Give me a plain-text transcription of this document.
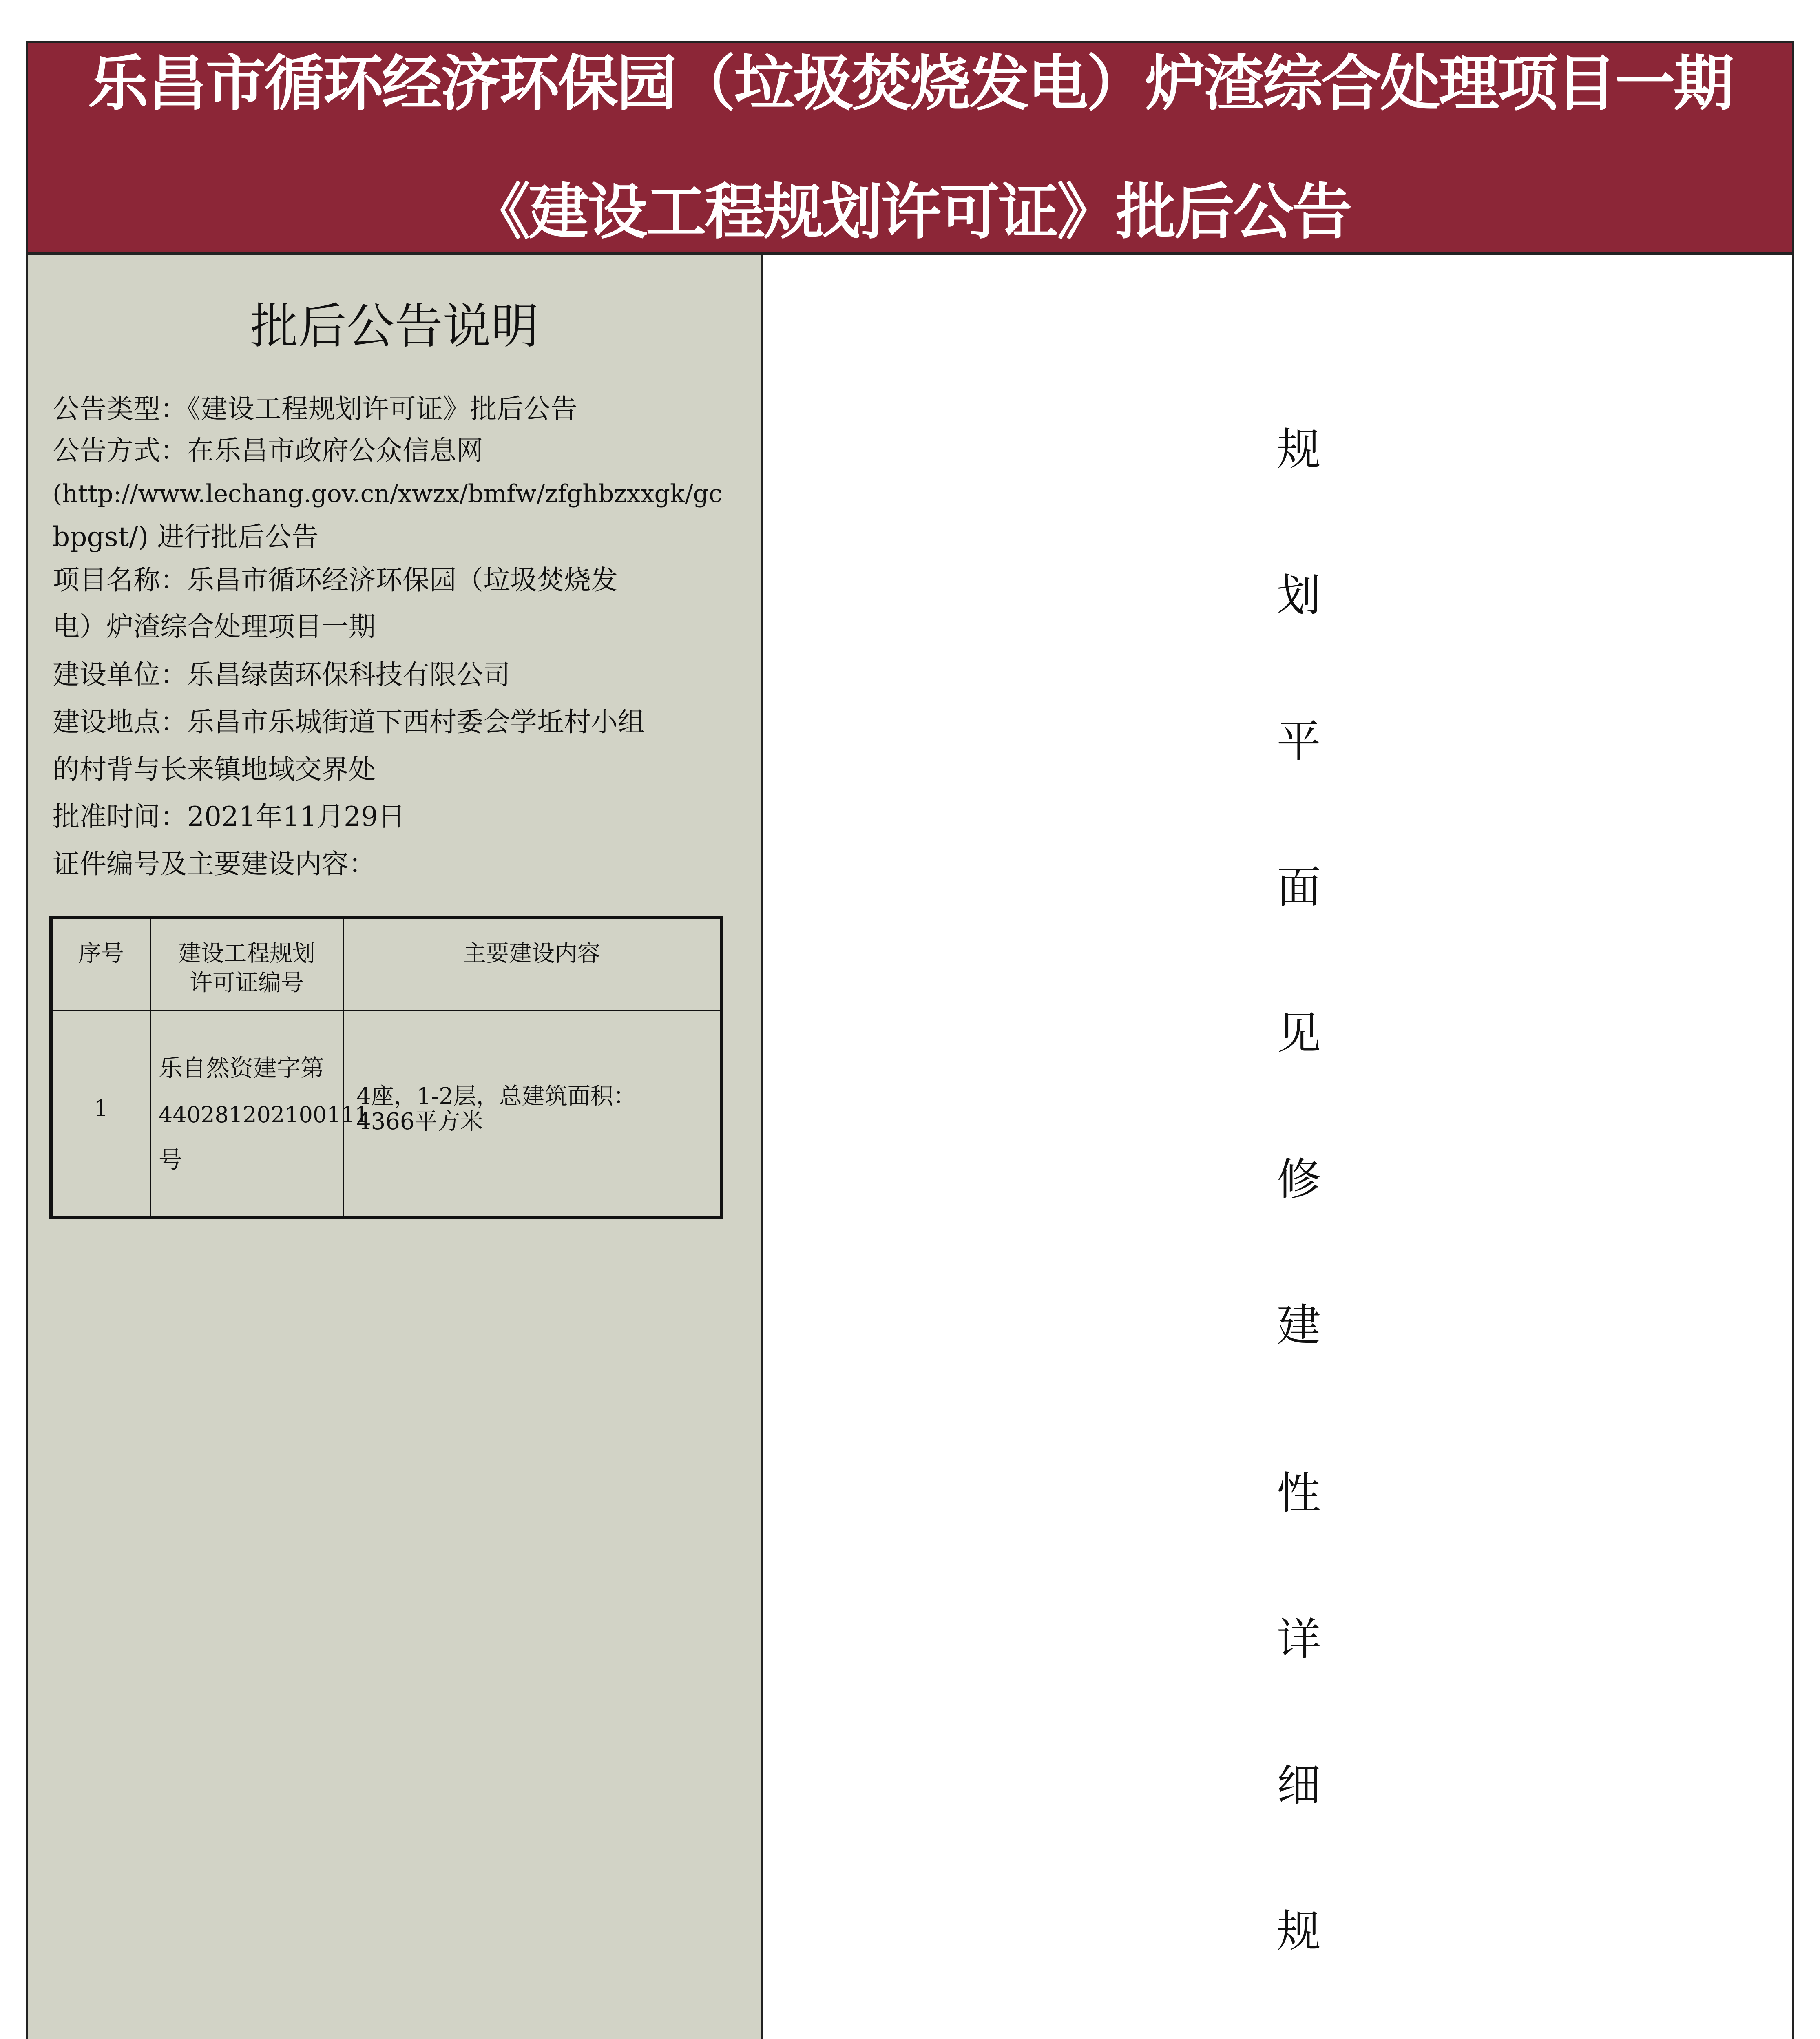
乐昌市循环经济环保园（垃圾焚烧发电）炉渣综合处理项目一期
《建设工程规划许可证》批后公告
批后公告说明
公告类型：《建设工程规划许可证》批后公告
公告方式：在乐昌市政府公众信息网
(http://www.lechang.gov.cn/xwzx/bmfw/zfghbzxxgk/gc
bpgst/) 进行批后公告
项目名称：乐昌市循环经济环保园（垃圾焚烧发
电）炉渣综合处理项目一期
建设单位：乐昌绿茵环保科技有限公司
建设地点：乐昌市乐城街道下西村委会学坵村小组
的村背与长来镇地域交界处
批准时间：2021年11月29日
证件编号及主要建设内容：
序号	建设工程规划
许可证编号
主要建设内容
1
乐自然资建字第
440281202100111
号
4座，1-2层，总建筑面积：
4366平方米
规
划
平
面
见
修
建
性
详
细
规
